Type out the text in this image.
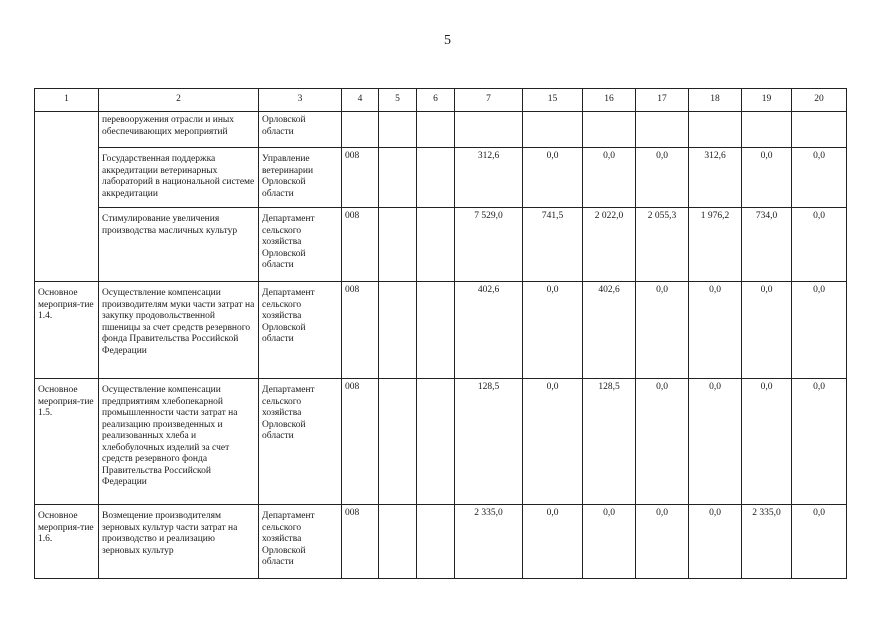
5
1	2	3	4	5	6	7	15	16	17	18	19	20
	перевооружения отрасли и иных обеспечивающих мероприятий	Орловской области										
	Государственная поддержка аккредитации ветеринарных лабораторий в национальной системе аккредитации	Управление ветеринарии Орловской области	008			312,6	0,0	0,0	0,0	312,6	0,0	0,0
	Стимулирование увеличения производства масличных культур	Департамент сельского хозяйства Орловской области	008			7 529,0	741,5	2 022,0	2 055,3	1 976,2	734,0	0,0
Основное мероприя-тие 1.4.	Осуществление компенсации производителям муки части затрат на закупку продовольственной пшеницы за счет средств резервного фонда Правительства Российской Федерации	Департамент сельского хозяйства Орловской области	008			402,6	0,0	402,6	0,0	0,0	0,0	0,0
Основное мероприя-тие 1.5.	Осуществление компенсации предприятиям хлебопекарной промышленности части затрат на реализацию произведенных и реализованных хлеба и хлебобулочных изделий за счет средств резервного фонда Правительства Российской Федерации	Департамент сельского хозяйства Орловской области	008			128,5	0,0	128,5	0,0	0,0	0,0	0,0
Основное мероприя-тие 1.6.	Возмещение производителям зерновых культур части затрат на производство и реализацию зерновых культур	Департамент сельского хозяйства Орловской области	008			2 335,0	0,0	0,0	0,0	0,0	2 335,0	0,0
